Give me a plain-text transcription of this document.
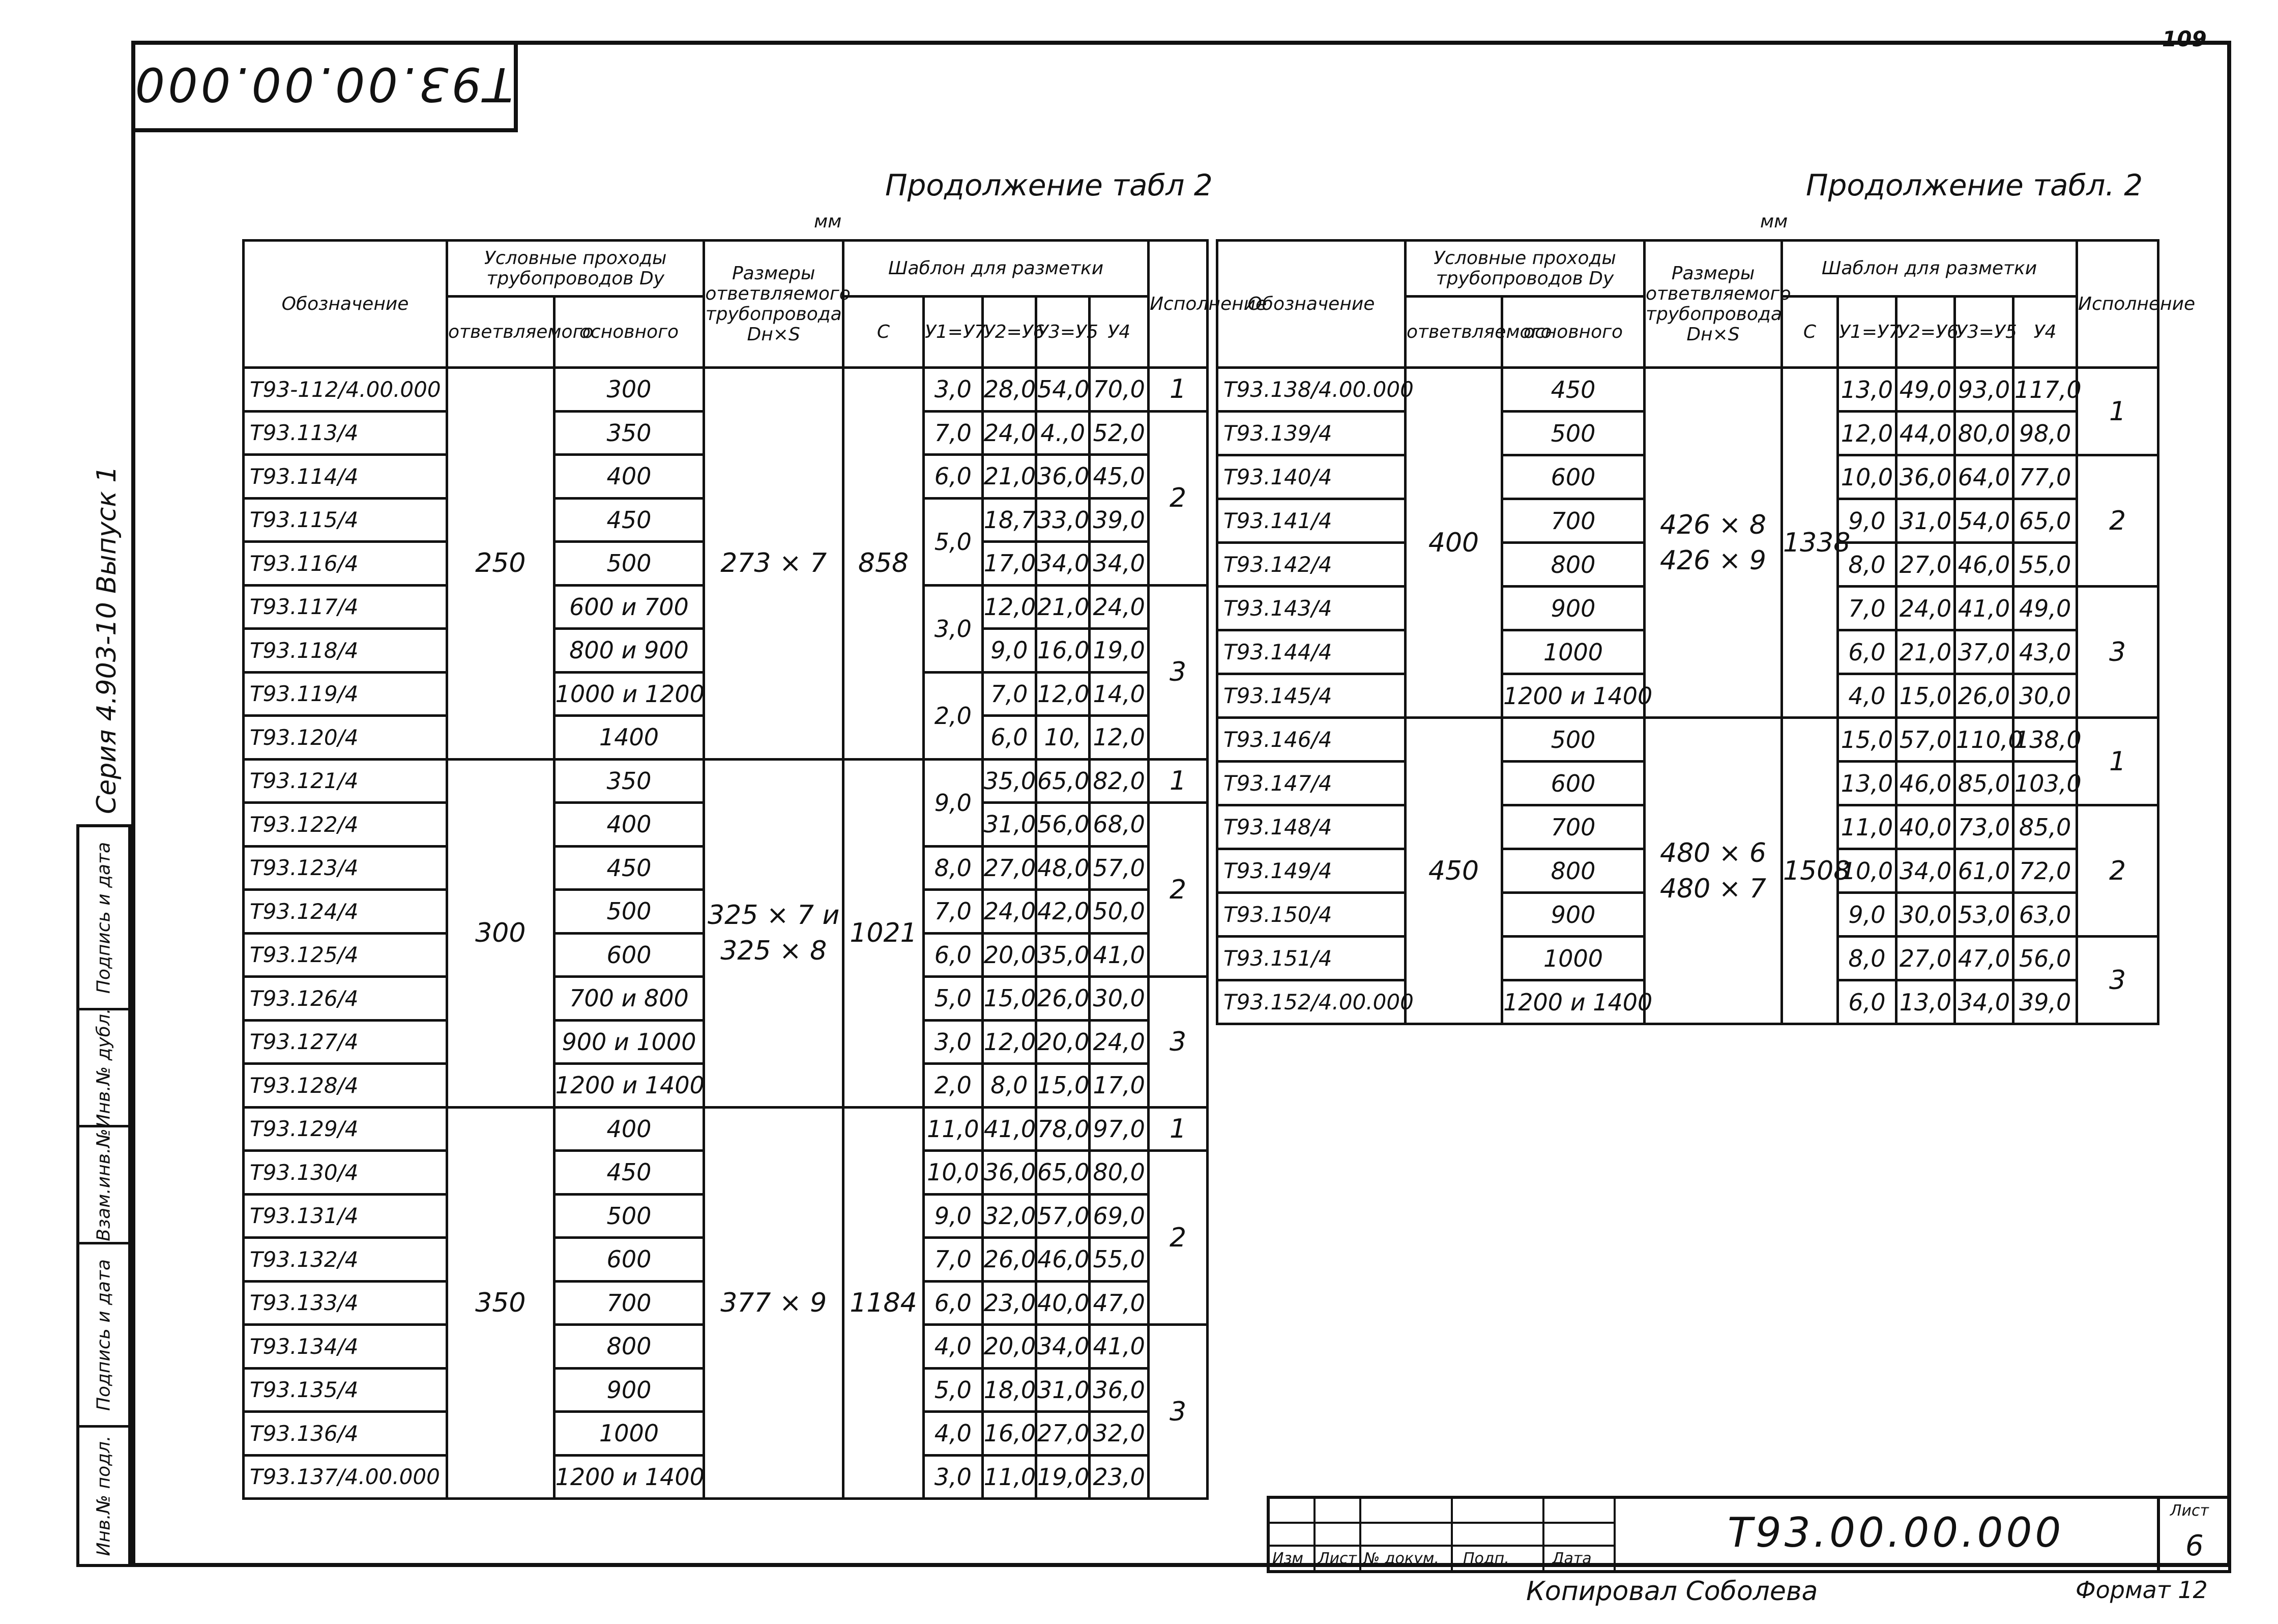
Т93.00.00.000
109
Продолжение табл 2	Продолжение табл. 2
мм	мм
Обозначение	Условные проходы трубопроводов Dу		Размеры ответвляемого трубопровода Dн×S	Шаблон для разметки					Исполнение
	ответвляемого	основного		С	У1=У7	У2=У6	У3=У5	У4	
Т93-112/4.00.000	250	300	273 × 7	858	3,0	28,0	54,0	70,0	1
Т93.113/4		350			7,0	24,0	4.,0	52,0	2
Т93.114/4		400			6,0	21,0	36,0	45,0	
Т93.115/4		450			5,0	18,7	33,0	39,0	
Т93.116/4		500				17,0	34,0	34,0	
Т93.117/4		600 и 700			3,0	12,0	21,0	24,0	3
Т93.118/4		800 и 900				9,0	16,0	19,0	
Т93.119/4		1000 и 1200			2,0	7,0	12,0	14,0	
Т93.120/4		1400				6,0	10,	12,0	
Т93.121/4	300	350	325 × 7 и 325 × 8	1021	9,0	35,0	65,0	82,0	1
Т93.122/4		400				31,0	56,0	68,0	2
Т93.123/4		450			8,0	27,0	48,0	57,0	
Т93.124/4		500			7,0	24,0	42,0	50,0	
Т93.125/4		600			6,0	20,0	35,0	41,0	
Т93.126/4		700 и 800			5,0	15,0	26,0	30,0	3
Т93.127/4		900 и 1000			3,0	12,0	20,0	24,0	
Т93.128/4		1200 и 1400			2,0	8,0	15,0	17,0	
Т93.129/4	350	400	377 × 9	1184	11,0	41,0	78,0	97,0	1
Т93.130/4		450			10,0	36,0	65,0	80,0	2
Т93.131/4		500			9,0	32,0	57,0	69,0	
Т93.132/4		600			7,0	26,0	46,0	55,0	
Т93.133/4		700			6,0	23,0	40,0	47,0	
Т93.134/4		800			4,0	20,0	34,0	41,0	3
Т93.135/4		900			5,0	18,0	31,0	36,0	
Т93.136/4		1000			4,0	16,0	27,0	32,0	
Т93.137/4.00.000		1200 и 1400			3,0	11,0	19,0	23,0	
Обозначение	Условные проходы трубопроводов Dу		Размеры ответвляемого трубопровода Dн×S	Шаблон для разметки					Исполнение
	ответвляемого	основного		С	У1=У7	У2=У6	У3=У5	У4	
Т93.138/4.00.000	400	450	426 × 8 426 × 9	1338	13,0	49,0	93,0	117,0	1
Т93.139/4		500			12,0	44,0	80,0	98,0	
Т93.140/4		600			10,0	36,0	64,0	77,0	2
Т93.141/4		700			9,0	31,0	54,0	65,0	
Т93.142/4		800			8,0	27,0	46,0	55,0	
Т93.143/4		900			7,0	24,0	41,0	49,0	3
Т93.144/4		1000			6,0	21,0	37,0	43,0	
Т93.145/4		1200 и 1400			4,0	15,0	26,0	30,0	
Т93.146/4	450	500	480 × 6 480 × 7	1508	15,0	57,0	110,0	138,0	1
Т93.147/4		600			13,0	46,0	85,0	103,0	
Т93.148/4		700			11,0	40,0	73,0	85,0	2
Т93.149/4		800			10,0	34,0	61,0	72,0	
Т93.150/4		900			9,0	30,0	53,0	63,0	
Т93.151/4		1000			8,0	27,0	47,0	56,0	3
Т93.152/4.00.000		1200 и 1400			6,0	13,0	34,0	39,0	
Серия 4.903-10 Выпуск 1
Подпись и дата
Инв.№ дубл.
Взам.инв.№
Подпись и дата
Инв.№ подл.
Изм Лист № докум. Подп.	Дата
Т93.00.00.000	Лист
6
Копировал Соболева	Формат 12
